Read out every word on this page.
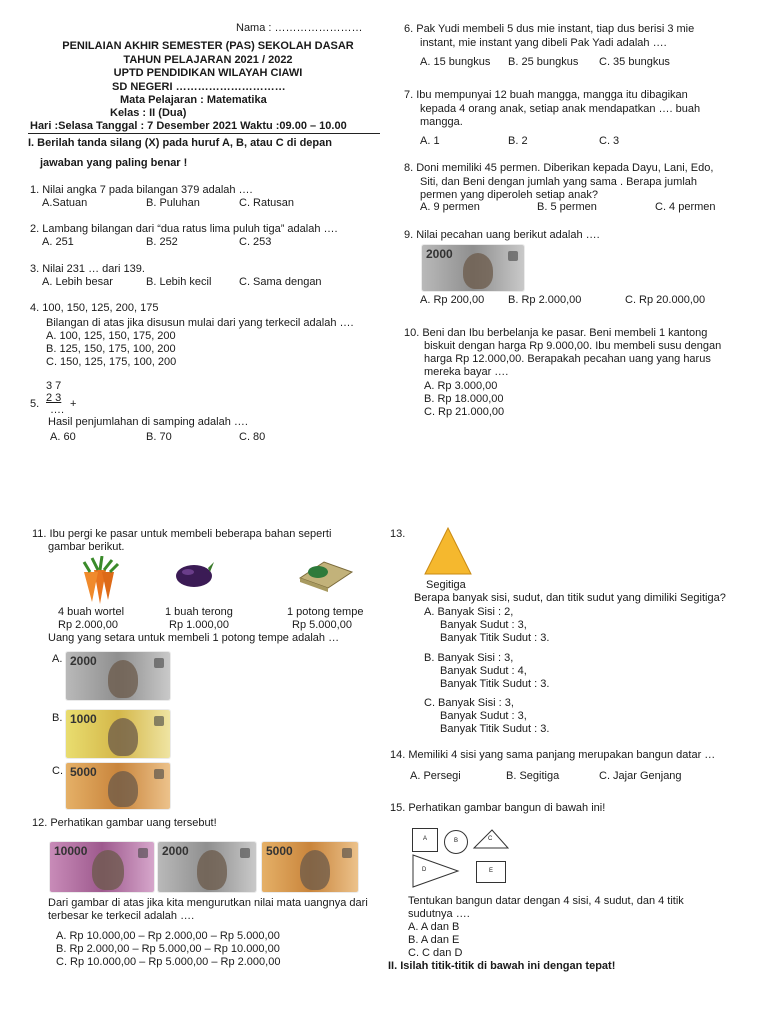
Nama : ……………………
PENILAIAN AKHIR SEMESTER (PAS) SEKOLAH DASAR
TAHUN PELAJARAN 2021 / 2022
UPTD PENDIDIKAN WILAYAH CIAWI
SD NEGERI …………………………
Mata Pelajaran : Matematika
Kelas : II (Dua)
Hari :Selasa Tanggal : 7 Desember 2021 Waktu :09.00 – 10.00
I. Berilah tanda silang (X) pada huruf A, B, atau C di depan
jawaban yang paling benar !
1. Nilai angka 7 pada bilangan 379 adalah ….
A.Satuan	B. Puluhan	C. Ratusan
2. Lambang bilangan dari “dua ratus lima puluh tiga” adalah ….
A. 251	B. 252	C. 253
3. Nilai 231 … dari 139.
A. Lebih besar	B. Lebih kecil	C. Sama dengan
4. 100, 150, 125, 200, 175
Bilangan di atas jika disusun mulai dari yang terkecil adalah ….
A. 100, 125, 150, 175, 200
B. 125, 150, 175, 100, 200
C. 150, 125, 175, 100, 200
3 7
5. 2 3 +
….
Hasil penjumlahan di samping adalah ….
A. 60	B. 70	C. 80
6. Pak Yudi membeli 5 dus mie instant, tiap dus berisi 3 mie
instant, mie instant yang dibeli Pak Yadi adalah ….
A. 15 bungkus B. 25 bungkus C. 35 bungkus
7. Ibu mempunyai 12 buah mangga, mangga itu dibagikan
kepada 4 orang anak, setiap anak mendapatkan …. buah
mangga.
A. 1	B. 2	C. 3
8. Doni memiliki 45 permen. Diberikan kepada Dayu, Lani, Edo,
Siti, dan Beni dengan jumlah yang sama . Berapa jumlah
permen yang diperoleh setiap anak?
A. 9 permen	B. 5 permen	C. 4 permen
9. Nilai pecahan uang berikut adalah ….
2000
A. Rp 200,00 B. Rp 2.000,00	C. Rp 20.000,00
10. Beni dan Ibu berbelanja ke pasar. Beni membeli 1 kantong
biskuit dengan harga Rp 9.000,00. Ibu membeli susu dengan
harga Rp 12.000,00. Berapakah pecahan uang yang harus
mereka bayar ….
A. Rp 3.000,00
B. Rp 18.000,00
C. Rp 21.000,00
11. Ibu pergi ke pasar untuk membeli beberapa bahan seperti
gambar berikut.
4 buah wortel
Rp 2.000,00
1 buah terong
Rp 1.000,00
1 potong tempe
Rp 5.000,00
Uang yang setara untuk membeli 1 potong tempe adalah …
A. 2000
B. 1000
C. 5000
12. Perhatikan gambar uang tersebut!
10000	2000	5000
Dari gambar di atas jika kita mengurutkan nilai mata uangnya dari
terbesar ke terkecil adalah ….
A. Rp 10.000,00 – Rp 2.000,00 – Rp 5.000,00
B. Rp 2.000,00 – Rp 5.000,00 – Rp 10.000,00
C. Rp 10.000,00 – Rp 5.000,00 – Rp 2.000,00
13.
Segitiga
Berapa banyak sisi, sudut, dan titik sudut yang dimiliki Segitiga?
A. Banyak Sisi : 2,
Banyak Sudut : 3,
Banyak Titik Sudut : 3.
B. Banyak Sisi : 3,
Banyak Sudut : 4,
Banyak Titik Sudut : 3.
C. Banyak Sisi : 3,
Banyak Sudut : 3,
Banyak Titik Sudut : 3.
14. Memiliki 4 sisi yang sama panjang merupakan bangun datar …
A. Persegi	B. Segitiga	C. Jajar Genjang
15. Perhatikan gambar bangun di bawah ini!
A	B	C
D	E
Tentukan bangun datar dengan 4 sisi, 4 sudut, dan 4 titik
sudutnya ….
A. A dan B
B. A dan E
C. C dan D
II. Isilah titik-titik di bawah ini dengan tepat!
